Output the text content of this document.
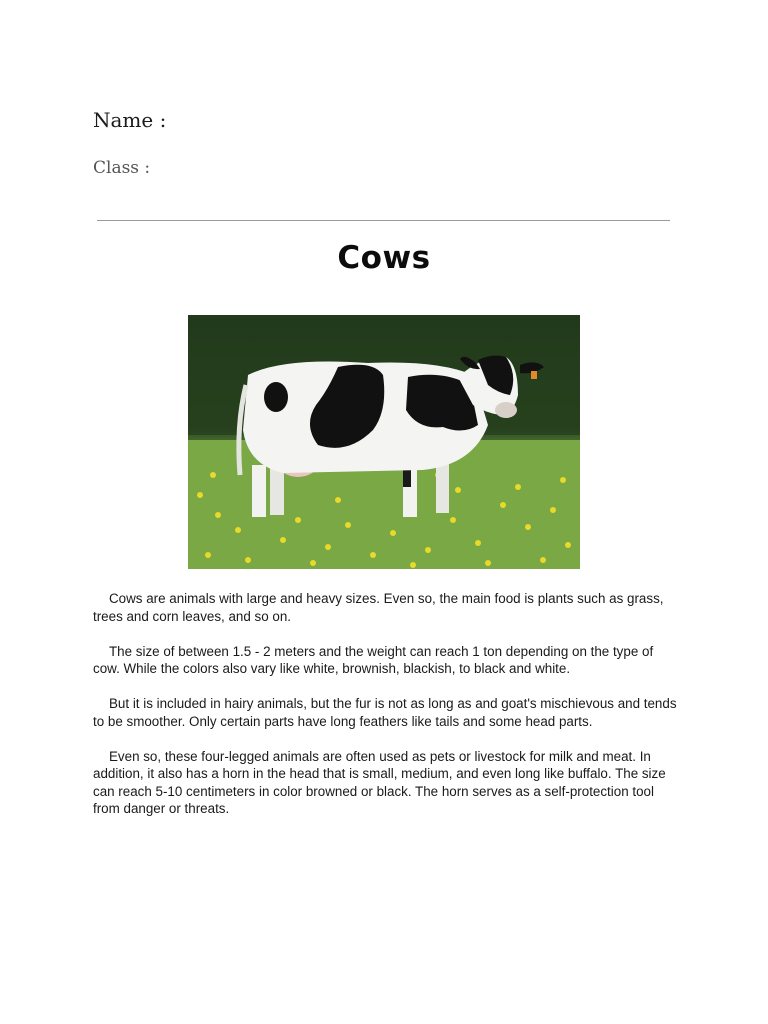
Name :
Class :
Cows

Cows are animals with large and heavy sizes. Even so, the main food is plants such as grass, trees and corn leaves, and so on.

The size of between 1.5 - 2 meters and the weight can reach 1 ton depending on the type of cow. While the colors also vary like white, brownish, blackish, to black and white.

But it is included in hairy animals, but the fur is not as long as and goat's mischievous and tends to be smoother. Only certain parts have long feathers like tails and some head parts.

Even so, these four-legged animals are often used as pets or livestock for milk and meat. In addition, it also has a horn in the head that is small, medium, and even long like buffalo. The size can reach 5-10 centimeters in color browned or black. The horn serves as a self-protection tool from danger or threats.
